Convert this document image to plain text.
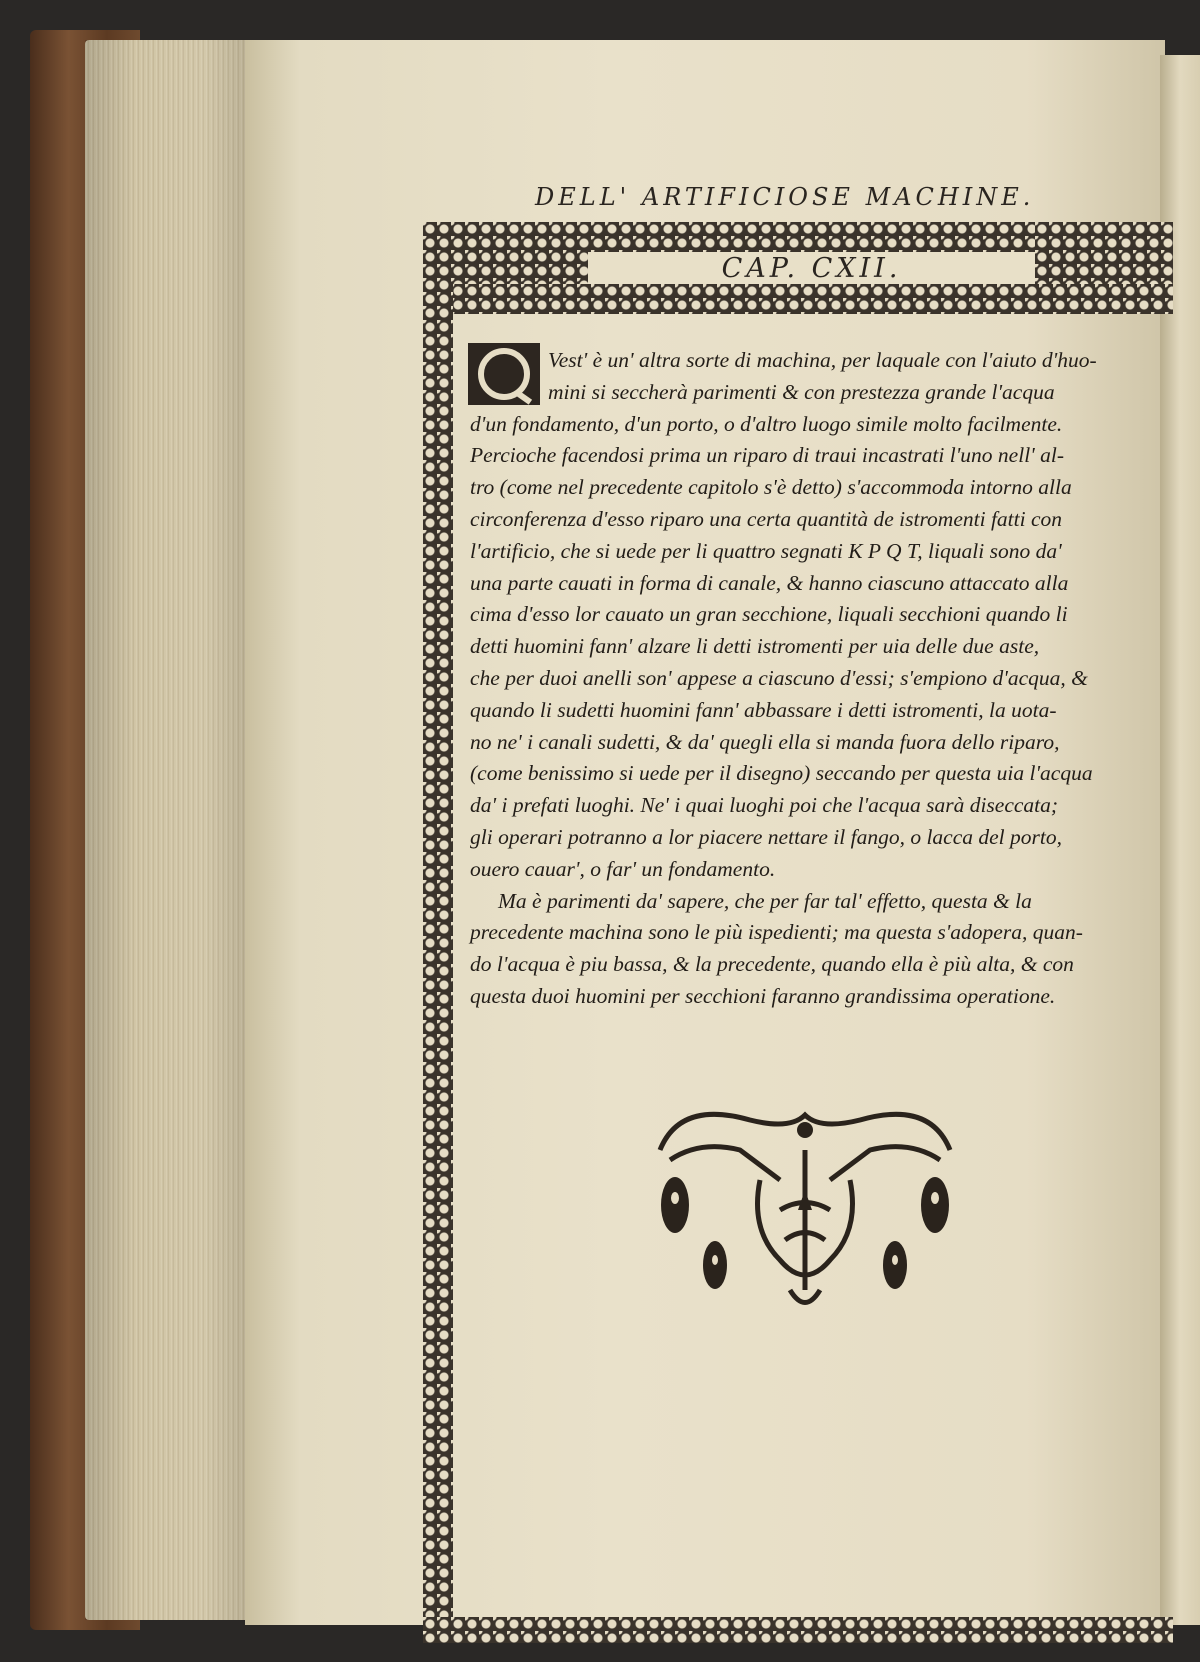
DELL' ARTIFICIOSE MACHINE.
CAP. CXII.
Vest' è un' altra sorte di machina, per laquale con l'aiuto d'huo-
mini si seccherà parimenti & con prestezza grande l'acqua
d'un fondamento, d'un porto, o d'altro luogo simile molto facilmente.
Percioche facendosi prima un riparo di traui incastrati l'uno nell' al-
tro (come nel precedente capitolo s'è detto) s'accommoda intorno alla
circonferenza d'esso riparo una certa quantità de istromenti fatti con
l'artificio, che si uede per li quattro segnati K P Q T, liquali sono da'
una parte cauati in forma di canale, & hanno ciascuno attaccato alla
cima d'esso lor cauato un gran secchione, liquali secchioni quando li
detti huomini fann' alzare li detti istromenti per uia delle due aste,
che per duoi anelli son' appese a ciascuno d'essi; s'empiono d'acqua, &
quando li sudetti huomini fann' abbassare i detti istromenti, la uota-
no ne' i canali sudetti, & da' quegli ella si manda fuora dello riparo,
(come benissimo si uede per il disegno) seccando per questa uia l'acqua
da' i prefati luoghi. Ne' i quai luoghi poi che l'acqua sarà diseccata;
gli operari potranno a lor piacere nettare il fango, o lacca del porto,
ouero cauar', o far' un fondamento.
Ma è parimenti da' sapere, che per far tal' effetto, questa & la
precedente machina sono le più ispedienti; ma questa s'adopera, quan-
do l'acqua è piu bassa, & la precedente, quando ella è più alta, & con
questa duoi huomini per secchioni faranno grandissima operatione.
